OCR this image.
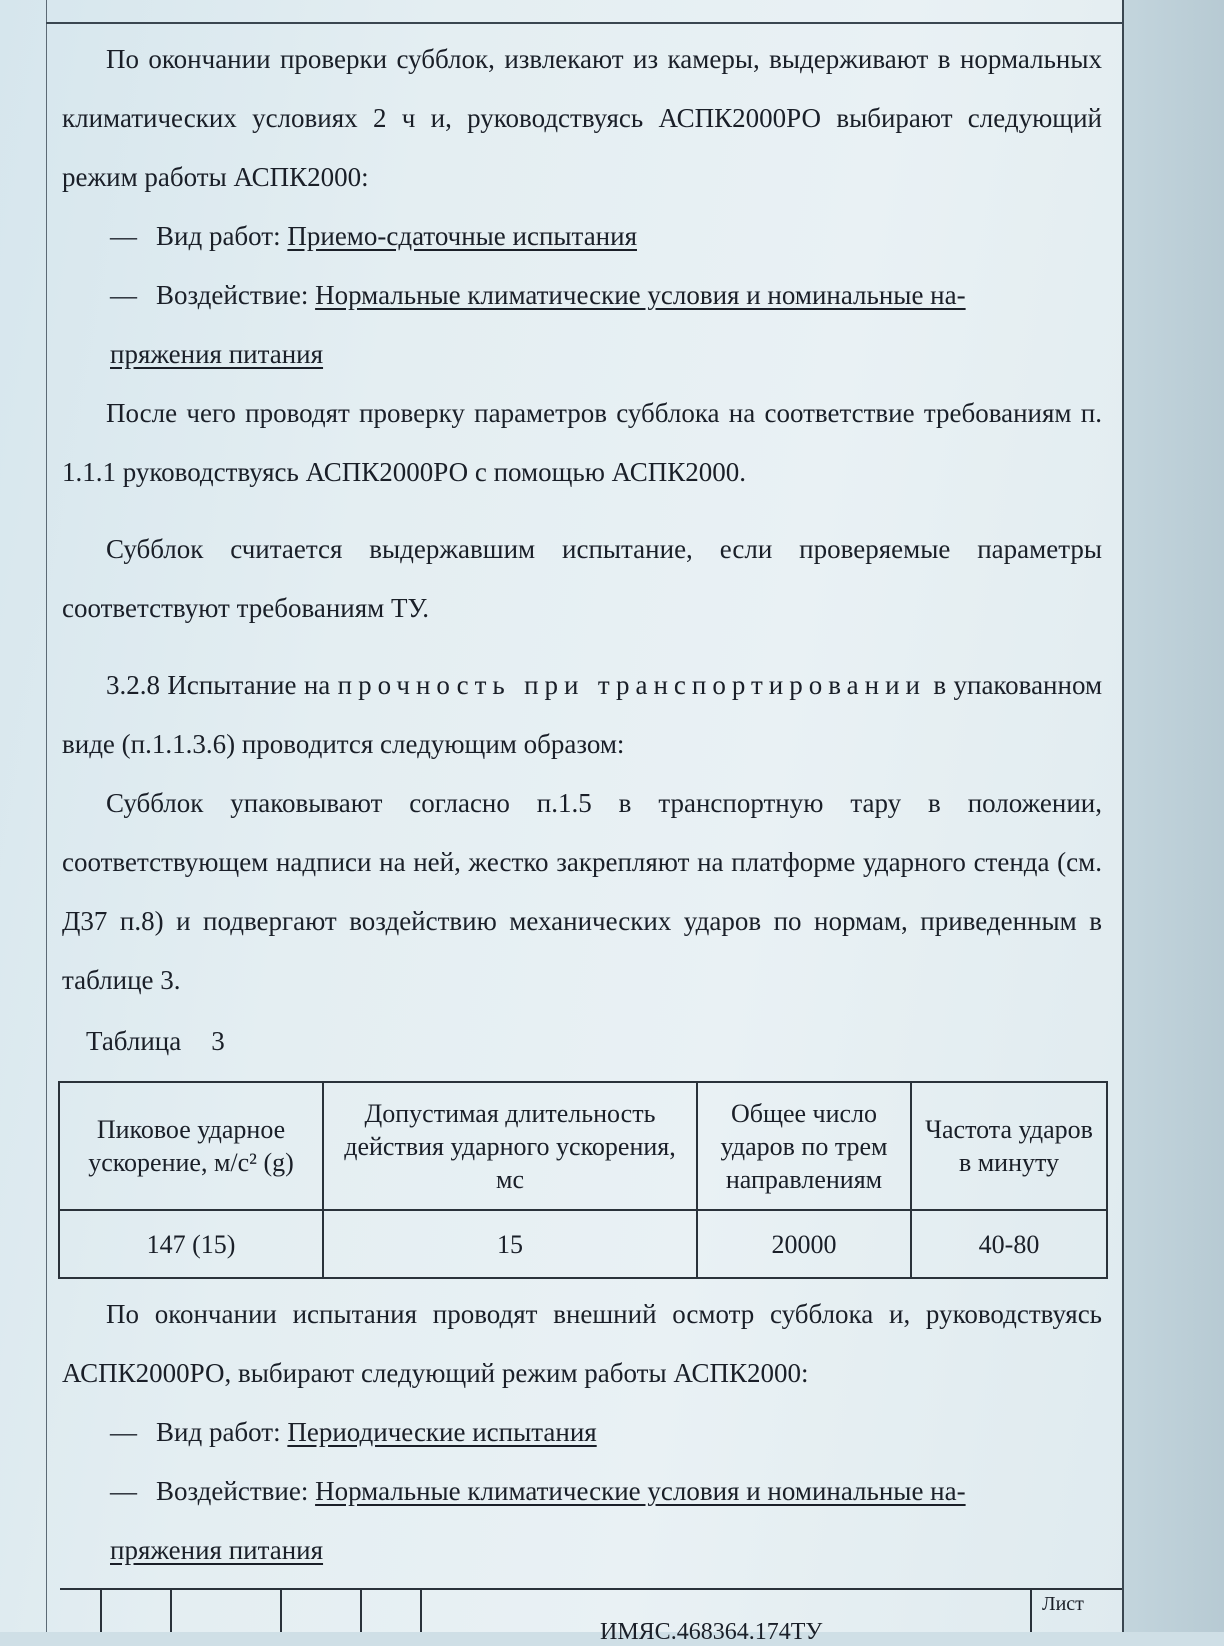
По окончании проверки субблок, извлекают из камеры, выдерживают в нормальных климатических условиях 2 ч и, руководствуясь АСПК2000РО выбирают следующий режим работы АСПК2000:

— Вид работ: Приемо-сдаточные испытания

— Воздействие: Нормальные климатические условия и номинальные на-

пряжения питания

После чего проводят проверку параметров субблока на соответствие требованиям п. 1.1.1 руководствуясь АСПК2000РО с помощью АСПК2000.

Субблок считается выдержавшим испытание, если проверяемые параметры соответствуют требованиям ТУ.

3.2.8 Испытание на прочность при транспортировании в упакованном виде (п.1.1.3.6) проводится следующим образом:

Субблок упаковывают согласно п.1.5 в транспортную тару в положении, соответствующем надписи на ней, жестко закрепляют на платформе ударного стенда (см. Д37 п.8) и подвергают воздействию механических ударов по нормам, приведенным в таблице 3.

Таблица 3

Пиковое ударное ускорение, м/с² (g)	Допустимая длительность действия ударного ускорения, мс	Общее число ударов по трем направлениям	Частота ударов в минуту
147 (15)	15	20000	40-80

По окончании испытания проводят внешний осмотр субблока и, руководствуясь АСПК2000РО, выбирают следующий режим работы АСПК2000:

— Вид работ: Периодические испытания

— Воздействие: Нормальные климатические условия и номинальные на-

пряжения питания

ИМЯС.468364.174ТУ
Лист
